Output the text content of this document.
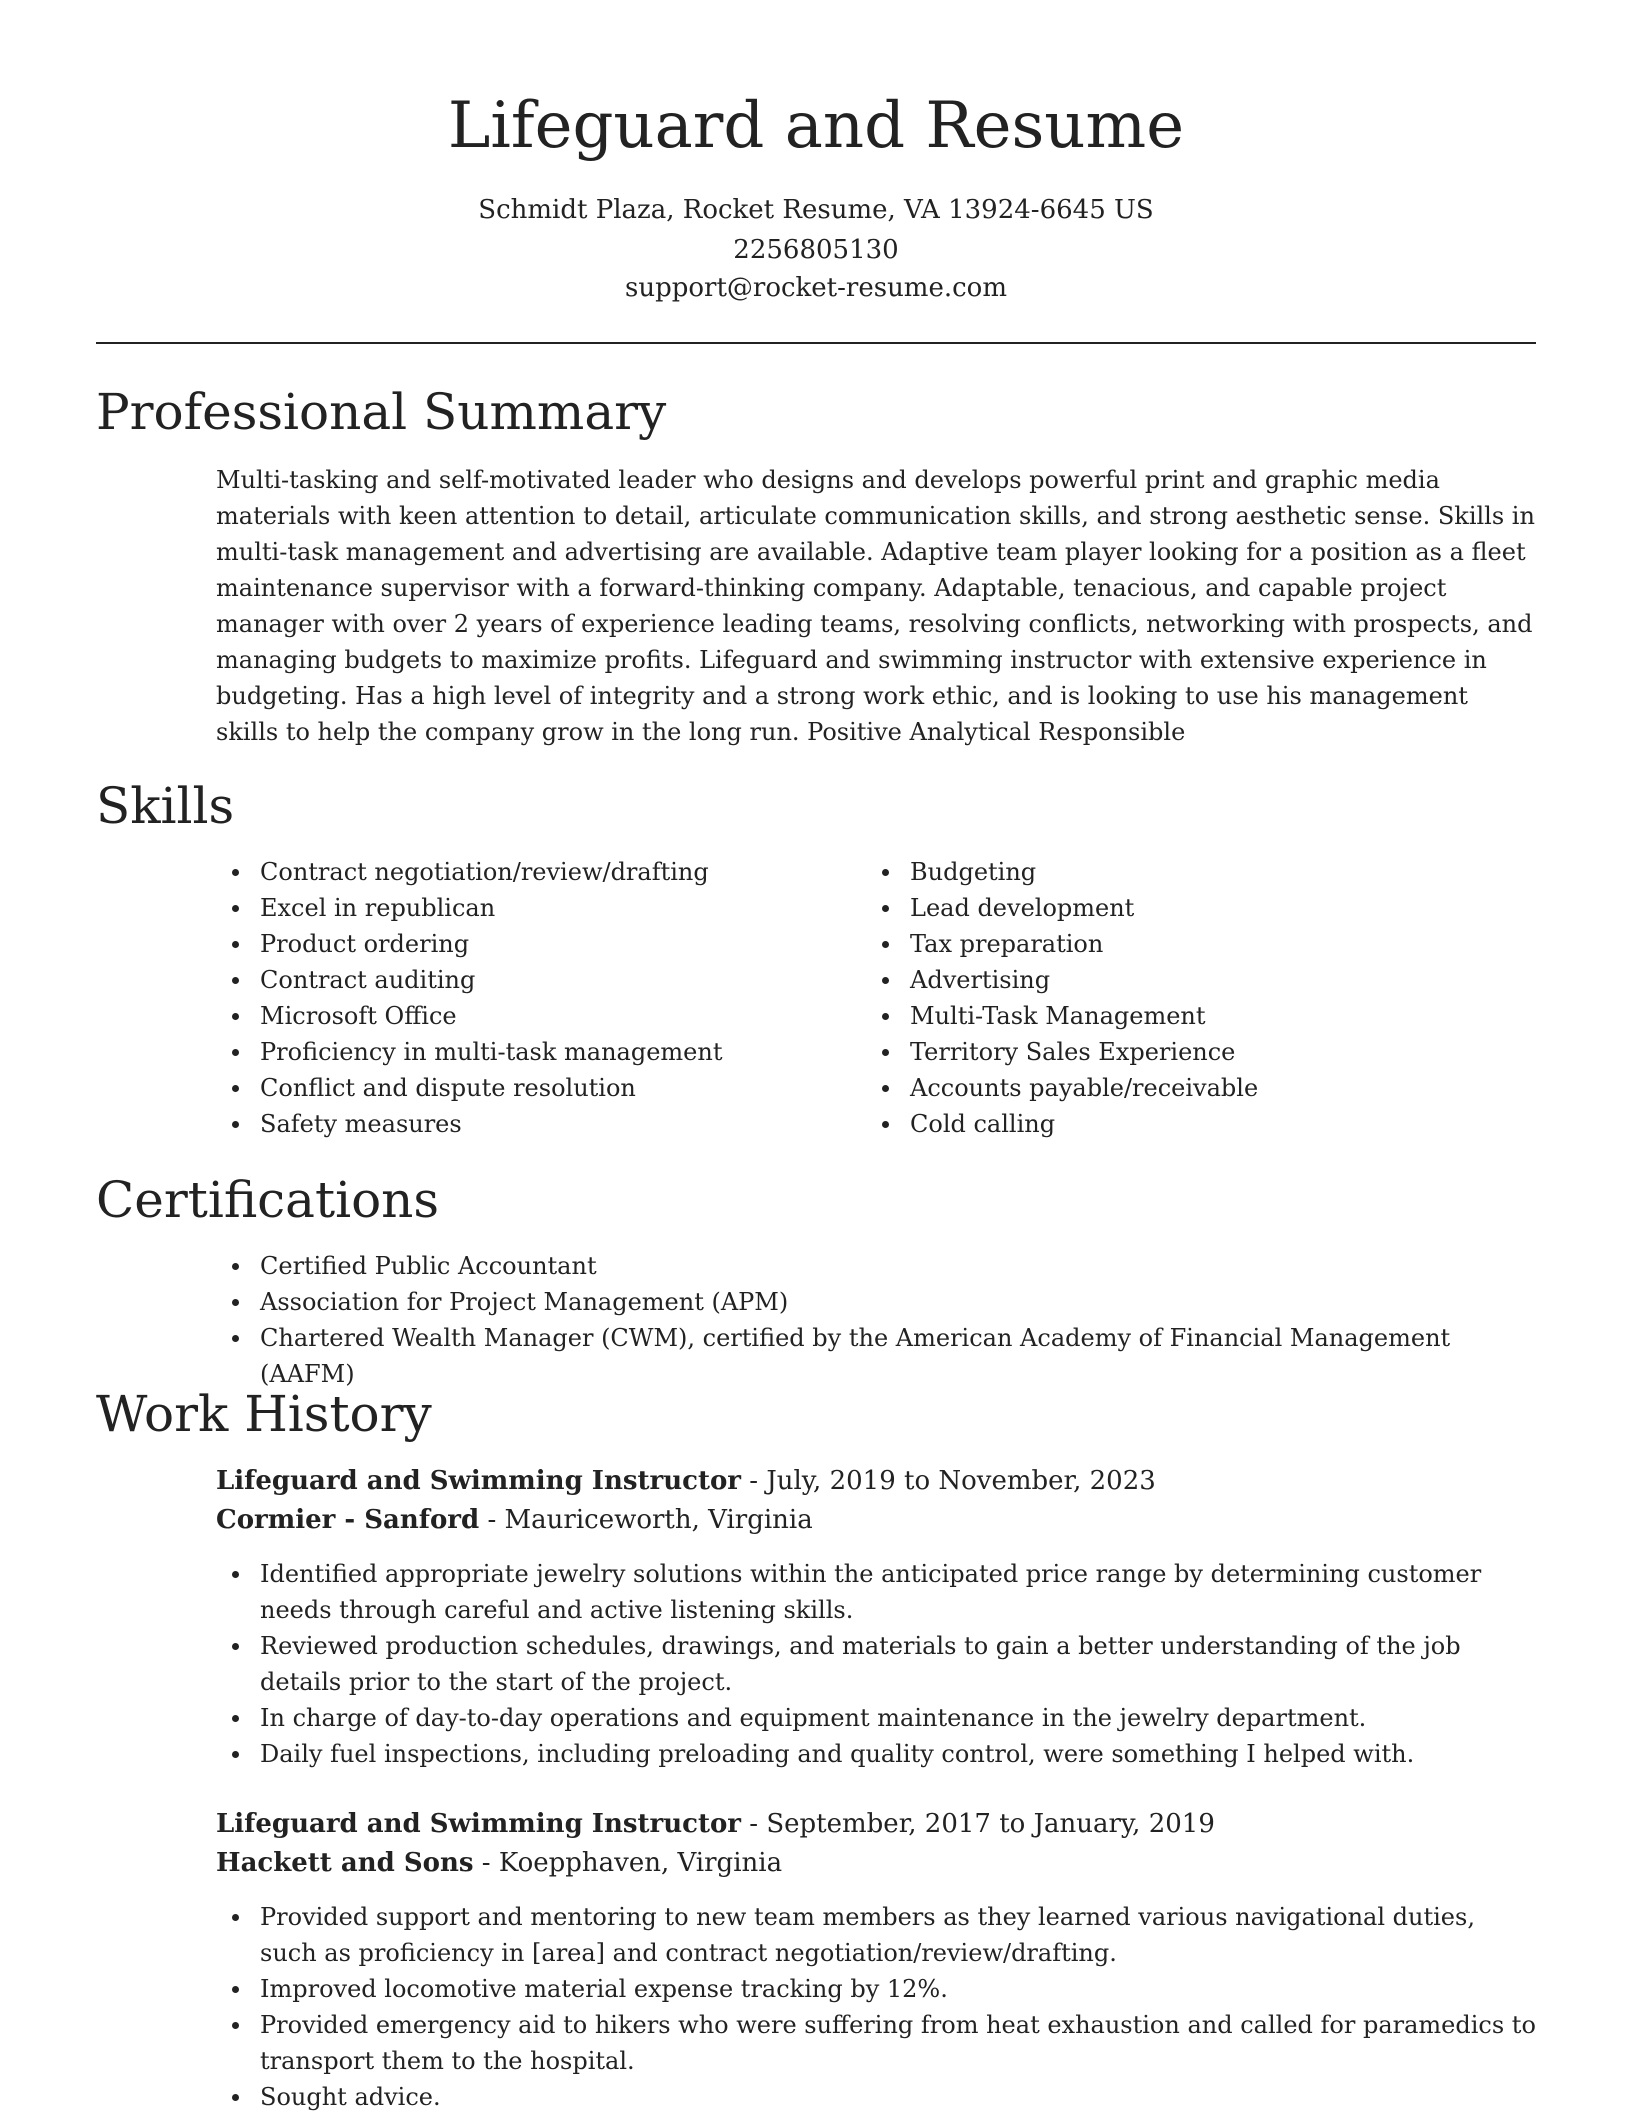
Lifeguard and Resume
Schmidt Plaza, Rocket Resume, VA 13924-6645 US
2256805130
support@rocket-resume.com
Professional Summary

Multi-tasking and self-motivated leader who designs and develops powerful print and graphic media materials with keen attention to detail, articulate communication skills, and strong aesthetic sense. Skills in multi-task management and advertising are available. Adaptive team player looking for a position as a fleet maintenance supervisor with a forward-thinking company. Adaptable, tenacious, and capable project manager with over 2 years of experience leading teams, resolving conflicts, networking with prospects, and managing budgets to maximize profits. Lifeguard and swimming instructor with extensive experience in budgeting. Has a high level of integrity and a strong work ethic, and is looking to use his management skills to help the company grow in the long run. Positive Analytical Responsible

Skills
Contract negotiation/review/drafting
Excel in republican
Product ordering
Contract auditing
Microsoft Office
Proficiency in multi-task management
Conflict and dispute resolution
Safety measures
Budgeting
Lead development
Tax preparation
Advertising
Multi-Task Management
Territory Sales Experience
Accounts payable/receivable
Cold calling
Certifications
Certified Public Accountant
Association for Project Management (APM)
Chartered Wealth Manager (CWM), certified by the American Academy of Financial Management (AAFM)
Work History
Lifeguard and Swimming Instructor - July, 2019 to November, 2023
Cormier - Sanford - Mauriceworth, Virginia
Identified appropriate jewelry solutions within the anticipated price range by determining customer needs through careful and active listening skills.
Reviewed production schedules, drawings, and materials to gain a better understanding of the job details prior to the start of the project.
In charge of day-to-day operations and equipment maintenance in the jewelry department.
Daily fuel inspections, including preloading and quality control, were something I helped with.
Lifeguard and Swimming Instructor - September, 2017 to January, 2019
Hackett and Sons - Koepphaven, Virginia
Provided support and mentoring to new team members as they learned various navigational duties, such as proficiency in [area] and contract negotiation/review/drafting.
Improved locomotive material expense tracking by 12%.
Provided emergency aid to hikers who were suffering from heat exhaustion and called for paramedics to transport them to the hospital.
Sought advice.
